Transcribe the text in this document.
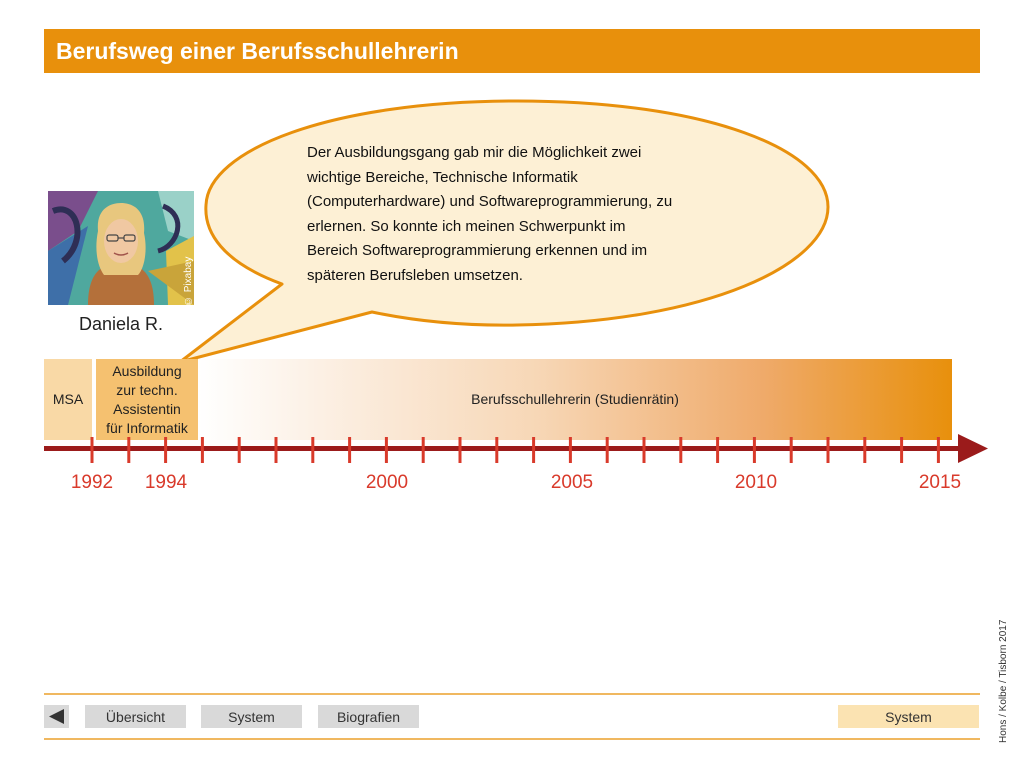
Berufsweg einer Berufsschullehrerin
Der Ausbildungsgang gab mir die Möglichkeit zwei
wichtige Bereiche, Technische Informatik
(Computerhardware) und Softwareprogrammierung, zu
erlernen. So konnte ich meinen Schwerpunkt im
Bereich Softwareprogrammierung erkennen und im
späteren Berufsleben umsetzen.
© Pixabay
Daniela R.
MSA
Ausbildung
zur techn.
Assistentin
für Informatik
Berufsschullehrerin (Studienrätin)
1992 1994	2000	2005	2010	2015
Hons / Kolbe / Tisborn 2017
Übersicht	System	Biografien	System
